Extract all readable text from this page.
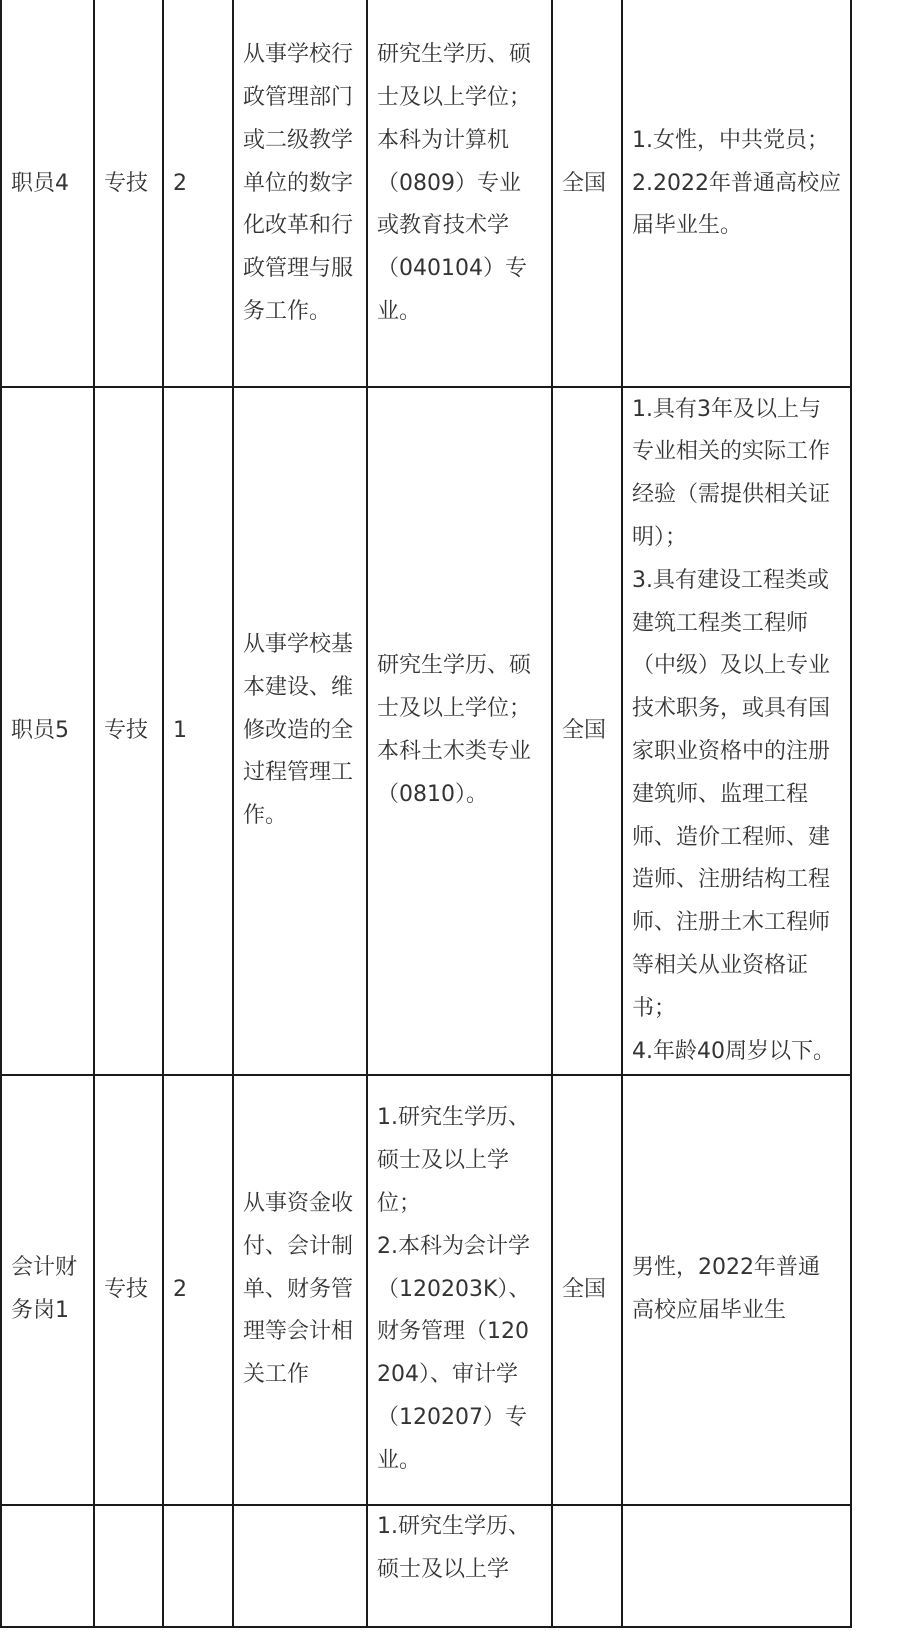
职员4	专技	2	从事学校行政管理部门或二级教学单位的数字化改革和行政管理与服务工作。	研究生学历、硕士及以上学位；本科为计算机（0809）专业或教育技术学（040104）专业。	全国	1.女性，中共党员；
2.2022年普通高校应届毕业生。

职员5	专技	1	从事学校基本建设、维修改造的全过程管理工作。	研究生学历、硕士及以上学位；本科土木类专业（0810）。	全国	1.具有3年及以上与专业相关的实际工作经验（需提供相关证明）；
3.具有建设工程类或建筑工程类工程师（中级）及以上专业技术职务，或具有国家职业资格中的注册建筑师、监理工程师、造价工程师、建造师、注册结构工程师、注册土木工程师等相关从业资格证书；
4.年龄40周岁以下。

会计财务岗1	专技	2	从事资金收付、会计制单、财务管理等会计相关工作	1.研究生学历、硕士及以上学位；
2.本科为会计学（120203K）、财务管理（120204）、审计学（120207）专业。	全国	男性，2022年普通高校应届毕业生

				1.研究生学历、硕士及以上学		
